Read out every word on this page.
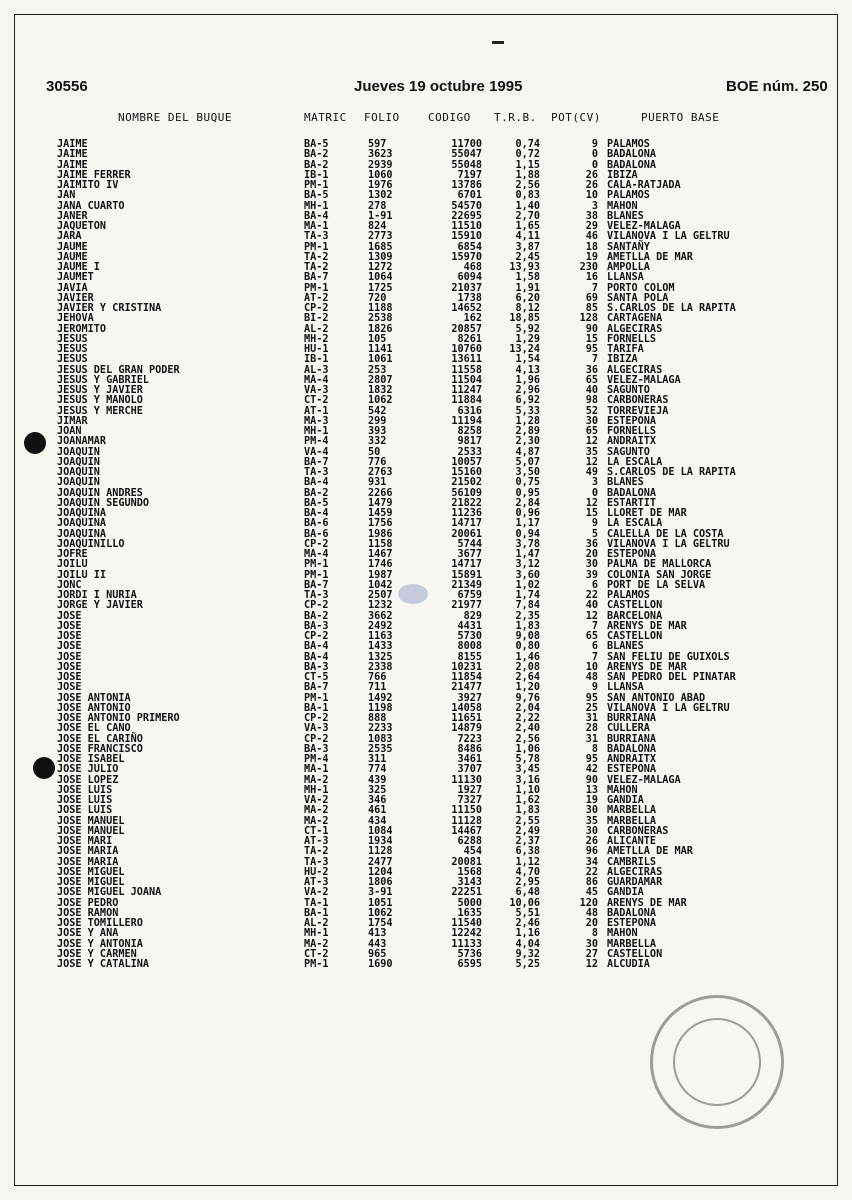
30556	Jueves 19 octubre 1995	BOE núm. 250
NOMBRE DEL BUQUE	MATRIC FOLIO	CODIGO T.R.B. POT(CV)	PUERTO BASE
JAIME	BA-5	597	11700	0,74	9 PALAMOS
JAIME	BA-2	3623	55047	0,72	0 BADALONA
JAIME	BA-2	2939	55048	1,15	0 BADALONA
JAIME FERRER	IB-1	1060	7197	1,88	26 IBIZA
JAIMITO IV	PM-1	1976	13786	2,56	26 CALA-RATJADA
JAN	BA-5	1302	6701	0,83	10 PALAMOS
JANA CUARTO	MH-1	278	54570	1,40	3 MAHON
JANER	BA-4	1-91	22695	2,70	38 BLANES
JAQUETON	MA-1	824	11510	1,65	29 VELEZ-MALAGA
JARA	TA-3	2773	15910	4,11	46 VILANOVA I LA GELTRU
JAUME	PM-1	1685	6854	3,87	18 SANTAÑY
JAUME	TA-2	1309	15970	2,45	19 AMETLLA DE MAR
JAUME I	TA-2	1272	468	13,93	230 AMPOLLA
JAUMET	BA-7	1064	6094	1,58	16 LLANSA
JAVIA	PM-1	1725	21037	1,91	7 PORTO COLOM
JAVIER	AT-2	720	1738	6,20	69 SANTA POLA
JAVIER Y CRISTINA	CP-2	1188	14652	8,12	85 S.CARLOS DE LA RAPITA
JEHOVA	BI-2	2538	162	18,85	128 CARTAGENA
JEROMITO	AL-2	1826	20857	5,92	90 ALGECIRAS
JESUS	MH-2	105	8261	1,29	15 FORNELLS
JESUS	HU-1	1141	10760	13,24	95 TARIFA
JESUS	IB-1	1061	13611	1,54	7 IBIZA
JESUS DEL GRAN PODER	AL-3	253	11558	4,13	36 ALGECIRAS
JESUS Y GABRIEL	MA-4	2807	11504	1,96	65 VELEZ-MALAGA
JESUS Y JAVIER	VA-3	1832	11247	2,96	40 SAGUNTO
JESUS Y MANOLO	CT-2	1062	11884	6,92	98 CARBONERAS
JESUS Y MERCHE	AT-1	542	6316	5,33	52 TORREVIEJA
JIMAR	MA-3	299	11194	1,28	30 ESTEPONA
JOAN	MH-1	393	8258	2,89	65 FORNELLS
JOANAMAR	PM-4	332	9817	2,30	12 ANDRAITX
JOAQUIN	VA-4	50	2533	4,87	35 SAGUNTO
JOAQUIN	BA-7	776	10057	5,07	12 LA ESCALA
JOAQUIN	TA-3	2763	15160	3,50	49 S.CARLOS DE LA RAPITA
JOAQUIN	BA-4	931	21502	0,75	3 BLANES
JOAQUIN ANDRES	BA-2	2266	56109	0,95	0 BADALONA
JOAQUIN SEGUNDO	BA-5	1479	21822	2,84	12 ESTARTIT
JOAQUINA	BA-4	1459	11236	0,96	15 LLORET DE MAR
JOAQUINA	BA-6	1756	14717	1,17	9 LA ESCALA
JOAQUINA	BA-6	1986	20061	0,94	5 CALELLA DE LA COSTA
JOAQUINILLO	CP-2	1158	5744	3,78	36 VILANOVA I LA GELTRU
JOFRE	MA-4	1467	3677	1,47	20 ESTEPONA
JOILU	PM-1	1746	14717	3,12	30 PALMA DE MALLORCA
JOILU II	PM-1	1987	15891	3,60	39 COLONIA SAN JORGE
JONC	BA-7	1042	21349	1,02	6 PORT DE LA SELVA
JORDI I NURIA	TA-3	2507	6759	1,74	22 PALAMOS
JORGE Y JAVIER	CP-2	1232	21977	7,84	40 CASTELLON
JOSE	BA-2	3662	829	2,35	12 BARCELONA
JOSE	BA-3	2492	4431	1,83	7 ARENYS DE MAR
JOSE	CP-2	1163	5730	9,08	65 CASTELLON
JOSE	BA-4	1433	8008	0,80	6 BLANES
JOSE	BA-4	1325	8155	1,46	7 SAN FELIU DE GUIXOLS
JOSE	BA-3	2338	10231	2,08	10 ARENYS DE MAR
JOSE	CT-5	766	11854	2,64	48 SAN PEDRO DEL PINATAR
JOSE	BA-7	711	21477	1,20	9 LLANSA
JOSE ANTONIA	PM-1	1492	3927	9,76	95 SAN ANTONIO ABAD
JOSE ANTONIO	BA-1	1198	14058	2,04	25 VILANOVA I LA GELTRU
JOSE ANTONIO PRIMERO	CP-2	888	11651	2,22	31 BURRIANA
JOSE EL CANO	VA-3	2233	14879	2,40	28 CULLERA
JOSE EL CARIÑO	CP-2	1083	7223	2,56	31 BURRIANA
JOSE FRANCISCO	BA-3	2535	8486	1,06	8 BADALONA
JOSE ISABEL	PM-4	311	3461	5,78	95 ANDRAITX
JOSE JULIO	MA-1	774	3707	3,45	42 ESTEPONA
JOSE LOPEZ	MA-2	439	11130	3,16	90 VELEZ-MALAGA
JOSE LUIS	MH-1	325	1927	1,10	13 MAHON
JOSE LUIS	VA-2	346	7327	1,62	19 GANDIA
JOSE LUIS	MA-2	461	11150	1,83	30 MARBELLA
JOSE MANUEL	MA-2	434	11128	2,55	35 MARBELLA
JOSE MANUEL	CT-1	1084	14467	2,49	30 CARBONERAS
JOSE MARI	AT-3	1934	6288	2,37	26 ALICANTE
JOSE MARIA	TA-2	1128	454	6,38	96 AMETLLA DE MAR
JOSE MARIA	TA-3	2477	20081	1,12	34 CAMBRILS
JOSE MIGUEL	HU-2	1204	1568	4,70	22 ALGECIRAS
JOSE MIGUEL	AT-3	1806	3143	2,95	86 GUARDAMAR
JOSE MIGUEL JOANA	VA-2	3-91	22251	6,48	45 GANDIA
JOSE PEDRO	TA-1	1051	5000	10,06	120 ARENYS DE MAR
JOSE RAMON	BA-1	1062	1635	5,51	48 BADALONA
JOSE TOMILLERO	AL-2	1754	11540	2,46	20 ESTEPONA
JOSE Y ANA	MH-1	413	12242	1,16	8 MAHON
JOSE Y ANTONIA	MA-2	443	11133	4,04	30 MARBELLA
JOSE Y CARMEN	CT-2	965	5736	9,32	27 CASTELLON
JOSE Y CATALINA	PM-1	1690	6595	5,25	12 ALCUDIA
